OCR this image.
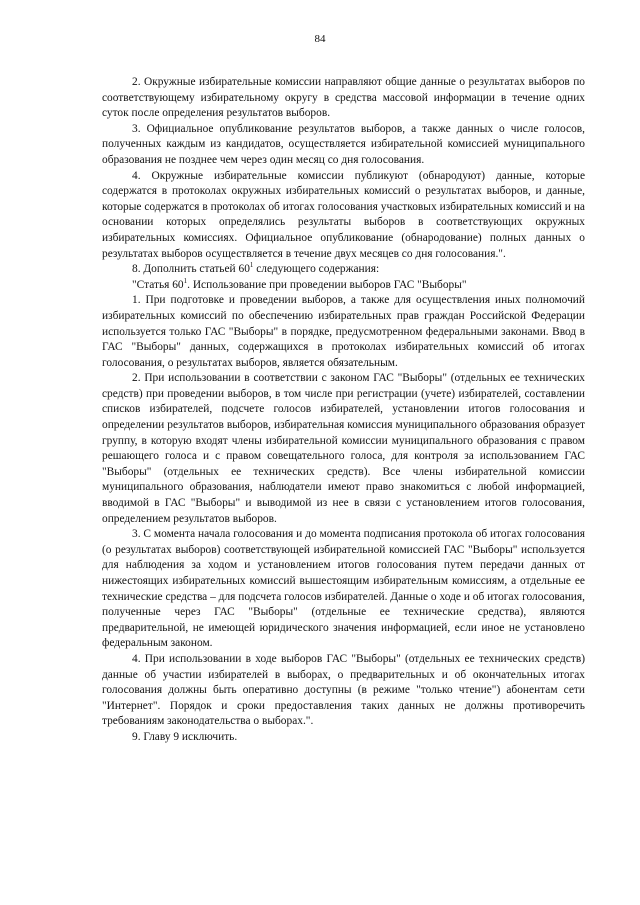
84

2. Окружные избирательные комиссии направляют общие данные о результатах выборов по соответствующему избирательному округу в средства массовой информации в течение одних суток после определения результатов выборов.

3. Официальное опубликование результатов выборов, а также данных о числе голосов, полученных каждым из кандидатов, осуществляется избирательной комиссией муниципального образования не позднее чем через один месяц со дня голосования.

4. Окружные избирательные комиссии публикуют (обнародуют) данные, которые содержатся в протоколах окружных избирательных комиссий о результатах выборов, и данные, которые содержатся в протоколах об итогах голосования участковых избирательных комиссий и на основании которых определялись результаты выборов в соответствующих окружных избирательных комиссиях. Официальное опубликование (обнародование) полных данных о результатах выборов осуществляется в течение двух месяцев со дня голосования.".

8. Дополнить статьей $60^1$ следующего содержания:

"Статья $60^1$. Использование при проведении выборов ГАС "Выборы"

1. При подготовке и проведении выборов, а также для осуществления иных полномочий избирательных комиссий по обеспечению избирательных прав граждан Российской Федерации используется только ГАС "Выборы" в порядке, предусмотренном федеральными законами. Ввод в ГАС "Выборы" данных, содержащихся в протоколах избирательных комиссий об итогах голосования, о результатах выборов, является обязательным.

2. При использовании в соответствии с законом ГАС "Выборы" (отдельных ее технических средств) при проведении выборов, в том числе при регистрации (учете) избирателей, составлении списков избирателей, подсчете голосов избирателей, установлении итогов голосования и определении результатов выборов, избирательная комиссия муниципального образования образует группу, в которую входят члены избирательной комиссии муниципального образования с правом решающего голоса и с правом совещательного голоса, для контроля за использованием ГАС "Выборы" (отдельных ее технических средств). Все члены избирательной комиссии муниципального образования, наблюдатели имеют право знакомиться с любой информацией, вводимой в ГАС "Выборы" и выводимой из нее в связи с установлением итогов голосования, определением результатов выборов.

3. С момента начала голосования и до момента подписания протокола об итогах голосования (о результатах выборов) соответствующей избирательной комиссией ГАС "Выборы" используется для наблюдения за ходом и установлением итогов голосования путем передачи данных от нижестоящих избирательных комиссий вышестоящим избирательным комиссиям, а отдельные ее технические средства – для подсчета голосов избирателей. Данные о ходе и об итогах голосования, полученные через ГАС "Выборы" (отдельные ее технические средства), являются предварительной, не имеющей юридического значения информацией, если иное не установлено федеральным законом.

4. При использовании в ходе выборов ГАС "Выборы" (отдельных ее технических средств) данные об участии избирателей в выборах, о предварительных и об окончательных итогах голосования должны быть оперативно доступны (в режиме "только чтение") абонентам сети "Интернет". Порядок и сроки предоставления таких данных не должны противоречить требованиям законодательства о выборах.".

9. Главу 9 исключить.
